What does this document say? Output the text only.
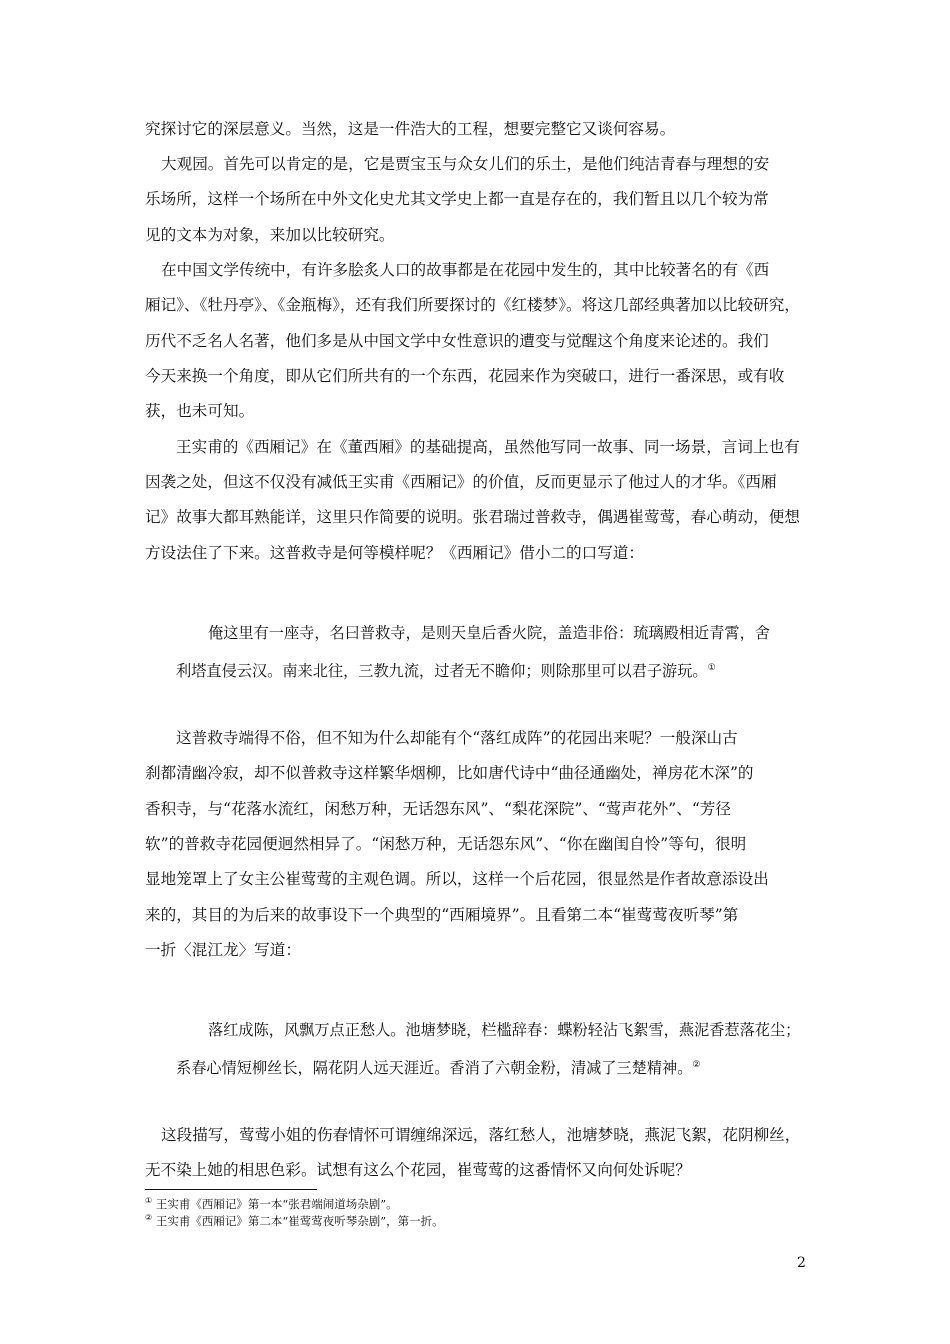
究探讨它的深层意义。当然，这是一件浩大的工程，想要完整它又谈何容易。
大观园。首先可以肯定的是，它是贾宝玉与众女儿们的乐土，是他们纯洁青春与理想的安
乐场所，这样一个场所在中外文化史尤其文学史上都一直是存在的，我们暂且以几个较为常
见的文本为对象，来加以比较研究。
在中国文学传统中，有许多脍炙人口的故事都是在花园中发生的，其中比较著名的有《西
厢记》、《牡丹亭》、《金瓶梅》，还有我们所要探讨的《红楼梦》。将这几部经典著加以比较研究，
历代不乏名人名著，他们多是从中国文学中女性意识的遭变与觉醒这个角度来论述的。我们
今天来换一个角度，即从它们所共有的一个东西，花园来作为突破口，进行一番深思，或有收
获，也未可知。
王实甫的《西厢记》在《董西厢》的基础提高，虽然他写同一故事、同一场景，言词上也有
因袭之处，但这不仅没有减低王实甫《西厢记》的价值，反而更显示了他过人的才华。《西厢
记》故事大都耳熟能详，这里只作简要的说明。张君瑞过普救寺，偶遇崔莺莺，春心萌动，便想
方设法住了下来。这普救寺是何等模样呢？《西厢记》借小二的口写道：
俺这里有一座寺，名曰普救寺，是则天皇后香火院，盖造非俗：琉璃殿相近青霄，舍
利塔直侵云汉。南来北往，三教九流，过者无不瞻仰；则除那里可以君子游玩。①
这普救寺端得不俗，但不知为什么却能有个“落红成阵”的花园出来呢？一般深山古
刹都清幽冷寂，却不似普救寺这样繁华烟柳，比如唐代诗中“曲径通幽处，禅房花木深”的
香积寺，与“花落水流红，闲愁万种，无话怨东风”、“梨花深院”、“莺声花外”、“芳径
软”的普救寺花园便迥然相异了。“闲愁万种，无话怨东风”、“你在幽闺自怜”等句，很明
显地笼罩上了女主公崔莺莺的主观色调。所以，这样一个后花园，很显然是作者故意添设出
来的，其目的为后来的故事设下一个典型的“西厢境界”。且看第二本“崔莺莺夜听琴”第
一折〈混江龙〉写道：
落红成陈，风飘万点正愁人。池塘梦晓，栏槛辞春：蝶粉轻沾飞絮雪，燕泥香惹落花尘；
系春心情短柳丝长，隔花阴人远天涯近。香消了六朝金粉，清减了三楚精神。②
这段描写，莺莺小姐的伤春情怀可谓缠绵深远，落红愁人，池塘梦晓，燕泥飞絮，花阴柳丝，
无不染上她的相思色彩。试想有这么个花园，崔莺莺的这番情怀又向何处诉呢？
① 王实甫《西厢记》第一本“张君端闹道场杂剧”。
② 王实甫《西厢记》第二本“崔莺莺夜听琴杂剧”，第一折。
2
